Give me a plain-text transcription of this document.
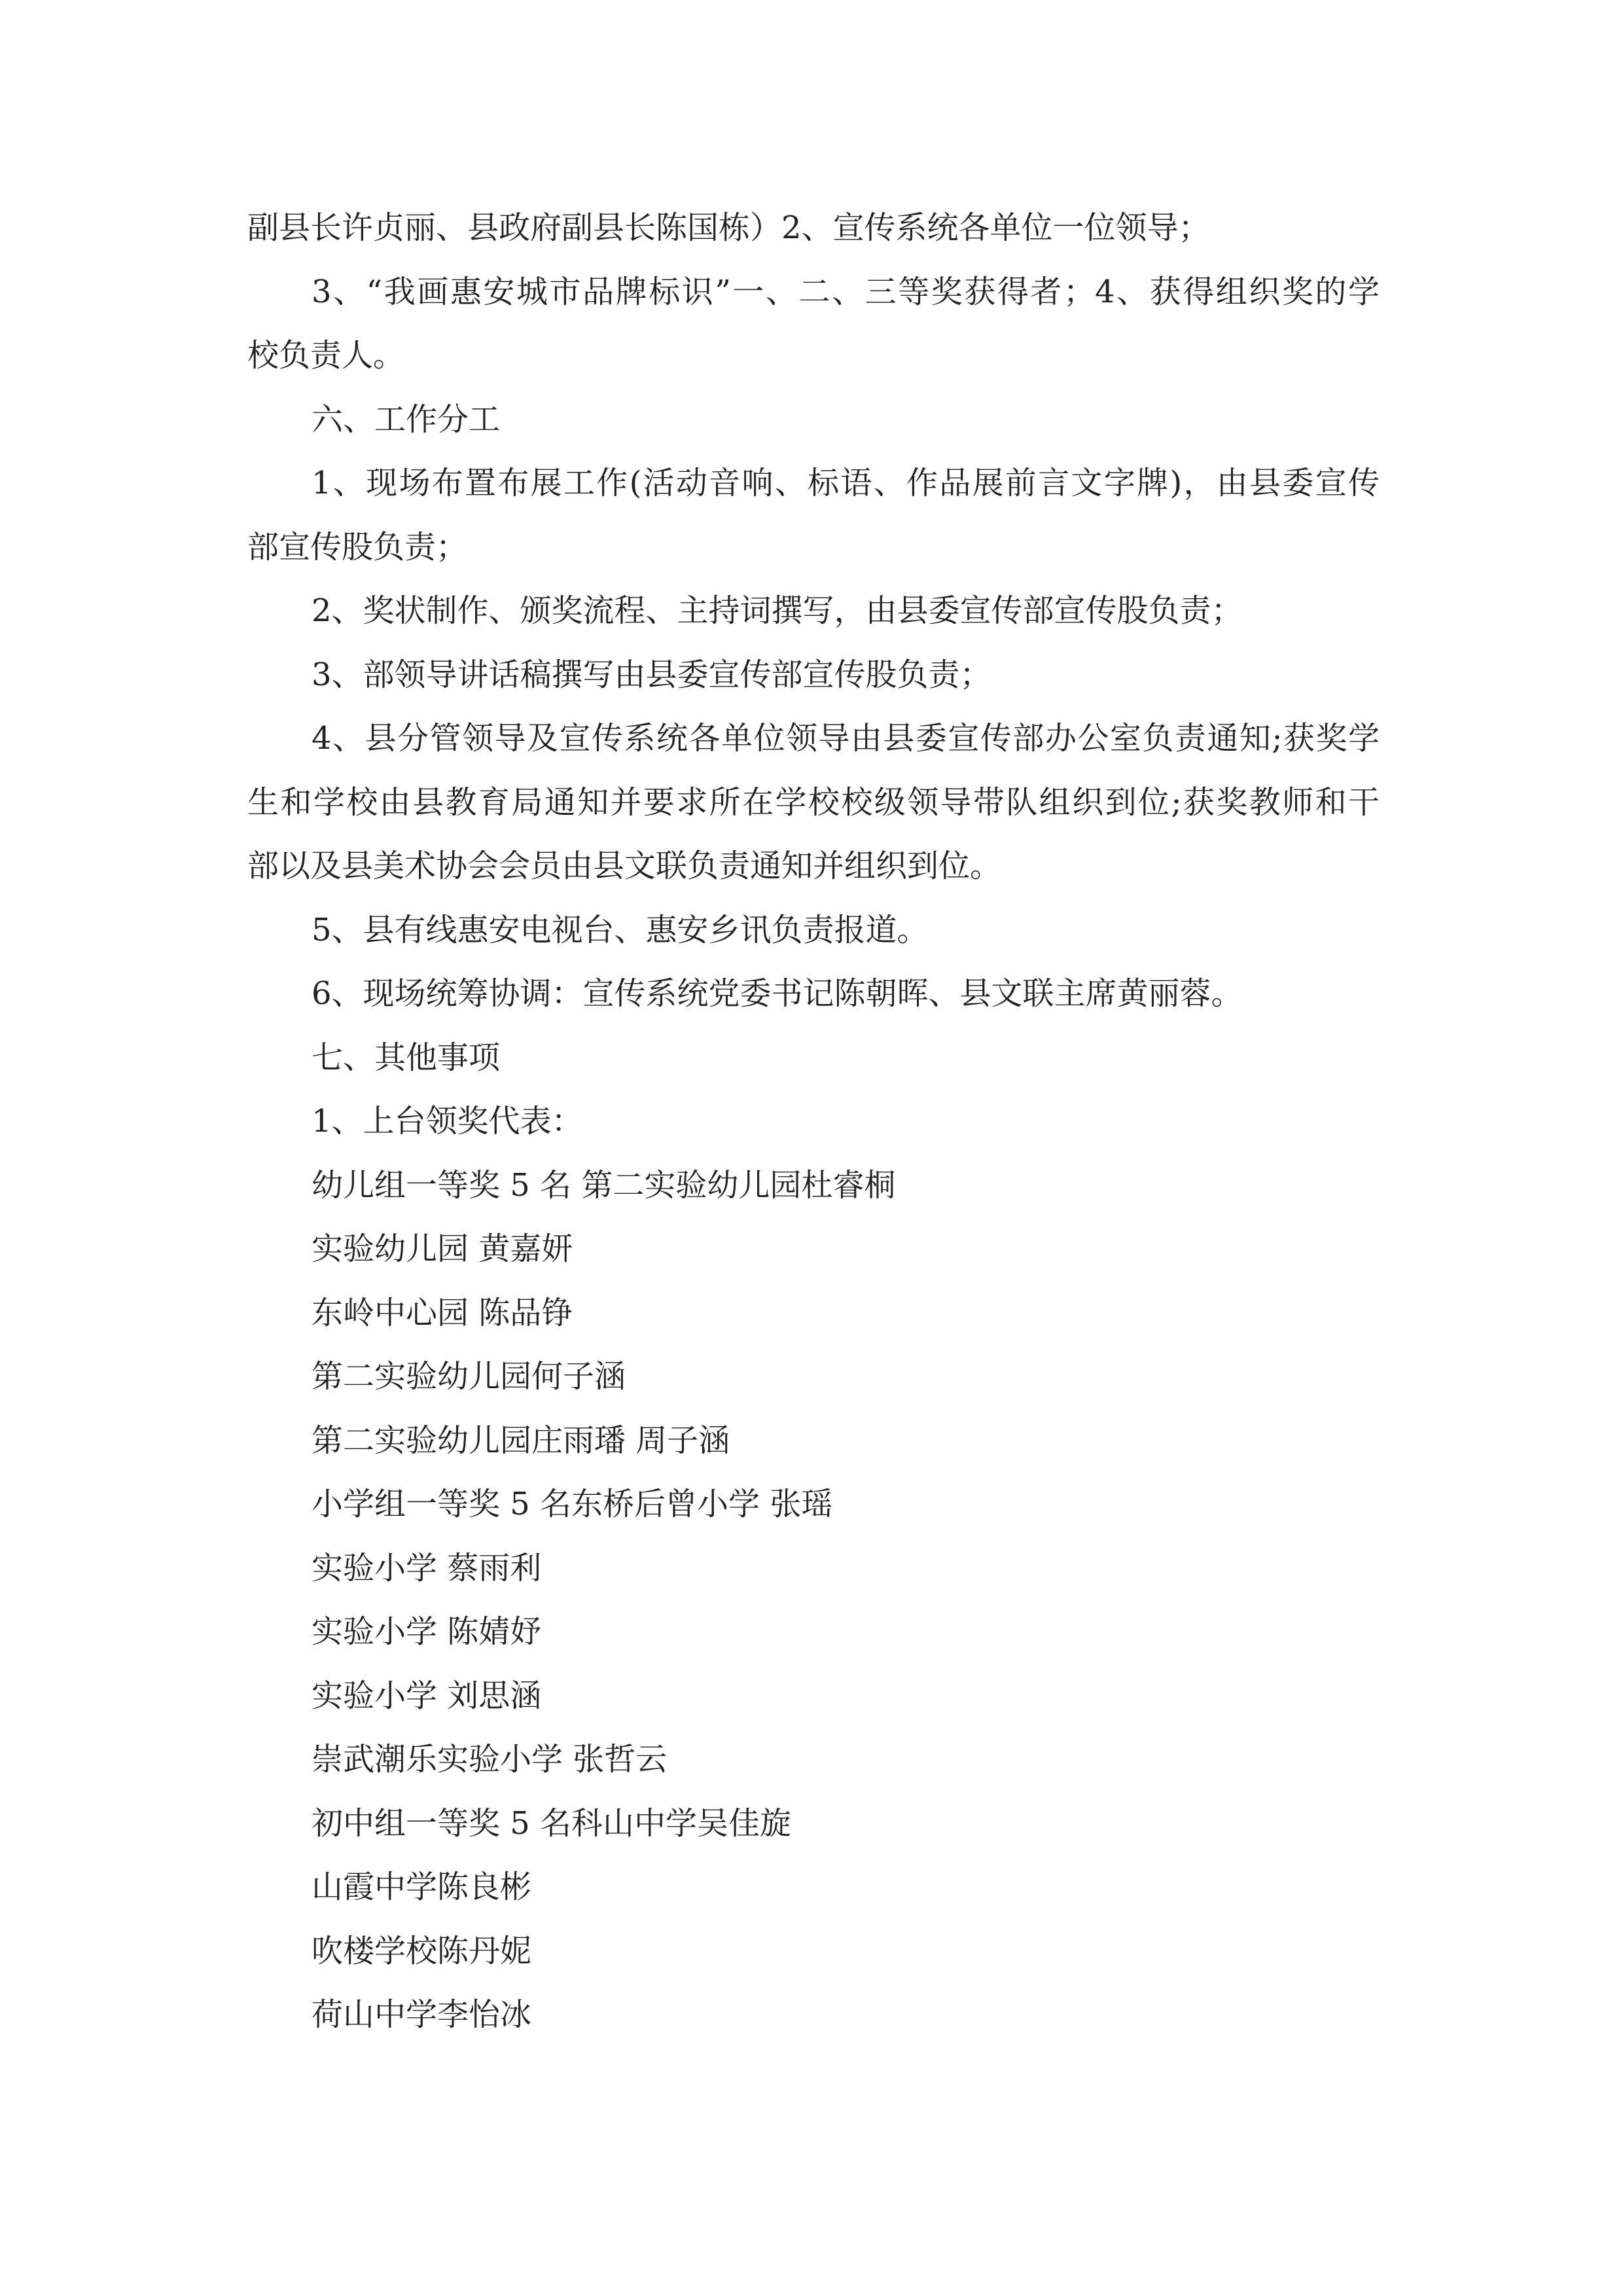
副县长许贞丽、县政府副县长陈国栋）2、宣传系统各单位一位领导；
3、“我画惠安城市品牌标识”一、二、三等奖获得者；4、获得组织奖的学
校负责人。
六、工作分工
1、现场布置布展工作(活动音响、标语、作品展前言文字牌)，由县委宣传
部宣传股负责；
2、奖状制作、颁奖流程、主持词撰写，由县委宣传部宣传股负责；
3、部领导讲话稿撰写由县委宣传部宣传股负责；
4、县分管领导及宣传系统各单位领导由县委宣传部办公室负责通知;获奖学
生和学校由县教育局通知并要求所在学校校级领导带队组织到位;获奖教师和干
部以及县美术协会会员由县文联负责通知并组织到位。
5、县有线惠安电视台、惠安乡讯负责报道。
6、现场统筹协调：宣传系统党委书记陈朝晖、县文联主席黄丽蓉。
七、其他事项
1、上台领奖代表：
幼儿组一等奖 5 名 第二实验幼儿园杜睿桐
实验幼儿园 黄嘉妍
东岭中心园 陈品铮
第二实验幼儿园何子涵
第二实验幼儿园庄雨璠 周子涵
小学组一等奖 5 名东桥后曾小学 张瑶
实验小学 蔡雨利
实验小学 陈婧妤
实验小学 刘思涵
崇武潮乐实验小学 张哲云
初中组一等奖 5 名科山中学吴佳旋
山霞中学陈良彬
吹楼学校陈丹妮
荷山中学李怡冰
